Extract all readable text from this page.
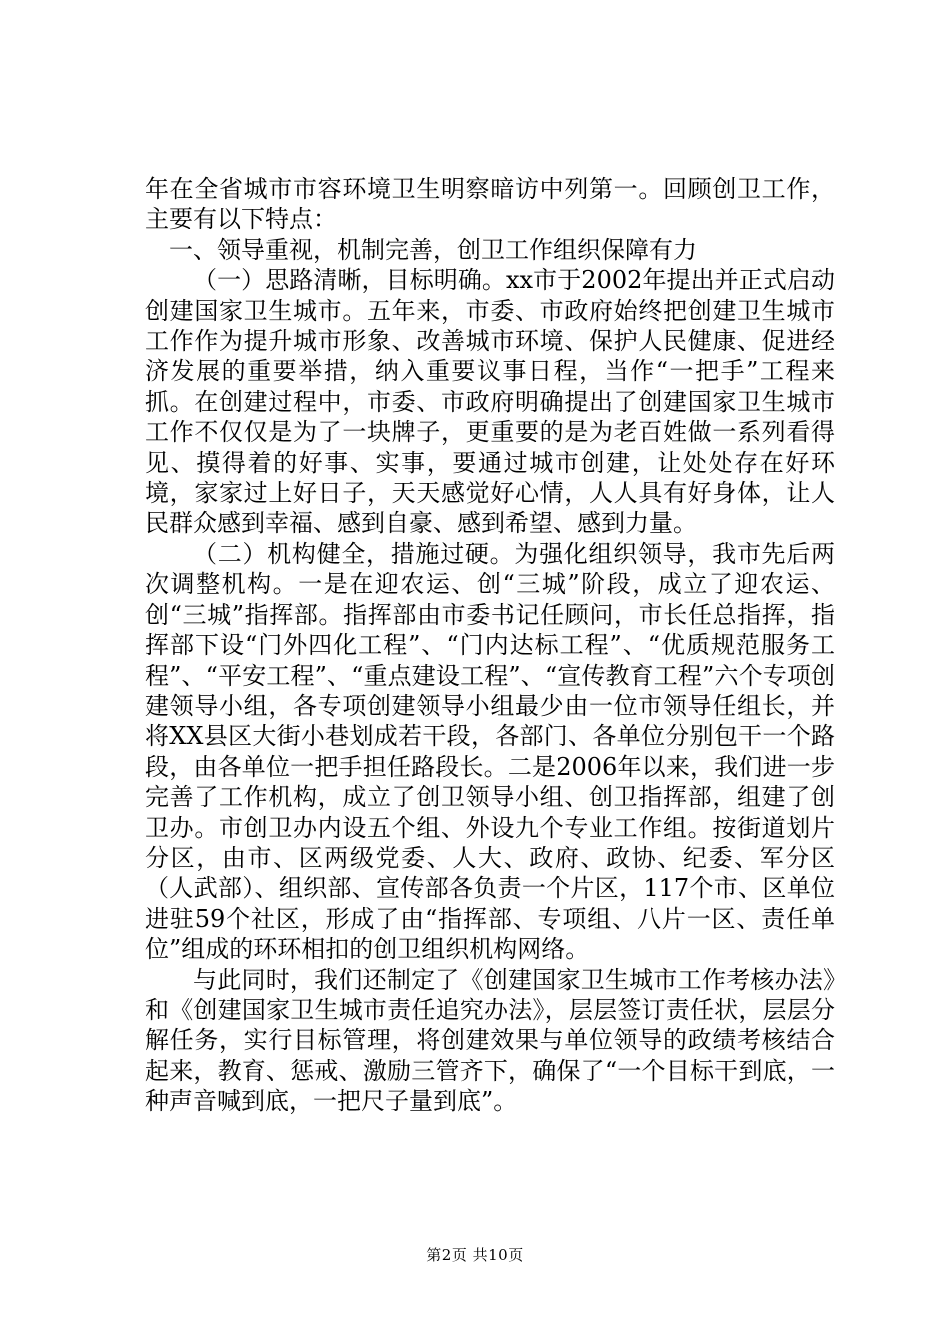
年在全省城市市容环境卫生明察暗访中列第一。回顾创卫工作，主要有以下特点：

一、领导重视，机制完善，创卫工作组织保障有力

（一）思路清晰，目标明确。xx市于2002年提出并正式启动创建国家卫生城市。五年来，市委、市政府始终把创建卫生城市工作作为提升城市形象、改善城市环境、保护人民健康、促进经济发展的重要举措，纳入重要议事日程，当作“一把手”工程来抓。在创建过程中，市委、市政府明确提出了创建国家卫生城市工作不仅仅是为了一块牌子，更重要的是为老百姓做一系列看得见、摸得着的好事、实事，要通过城市创建，让处处存在好环境，家家过上好日子，天天感觉好心情，人人具有好身体，让人民群众感到幸福、感到自豪、感到希望、感到力量。

（二）机构健全，措施过硬。为强化组织领导，我市先后两次调整机构。一是在迎农运、创“三城”阶段，成立了迎农运、创“三城”指挥部。指挥部由市委书记任顾问，市长任总指挥，指挥部下设“门外四化工程”、“门内达标工程”、“优质规范服务工程”、“平安工程”、“重点建设工程”、“宣传教育工程”六个专项创建领导小组，各专项创建领导小组最少由一位市领导任组长，并将XX县区大街小巷划成若干段，各部门、各单位分别包干一个路段，由各单位一把手担任路段长。二是2006年以来，我们进一步完善了工作机构，成立了创卫领导小组、创卫指挥部，组建了创卫办。市创卫办内设五个组、外设九个专业工作组。按街道划片分区，由市、区两级党委、人大、政府、政协、纪委、军分区（人武部）、组织部、宣传部各负责一个片区，117个市、区单位进驻59个社区，形成了由“指挥部、专项组、八片一区、责任单位”组成的环环相扣的创卫组织机构网络。

与此同时，我们还制定了《创建国家卫生城市工作考核办法》和《创建国家卫生城市责任追究办法》，层层签订责任状，层层分解任务，实行目标管理，将创建效果与单位领导的政绩考核结合起来，教育、惩戒、激励三管齐下，确保了“一个目标干到底，一种声音喊到底，一把尺子量到底”。

第2页 共10页
